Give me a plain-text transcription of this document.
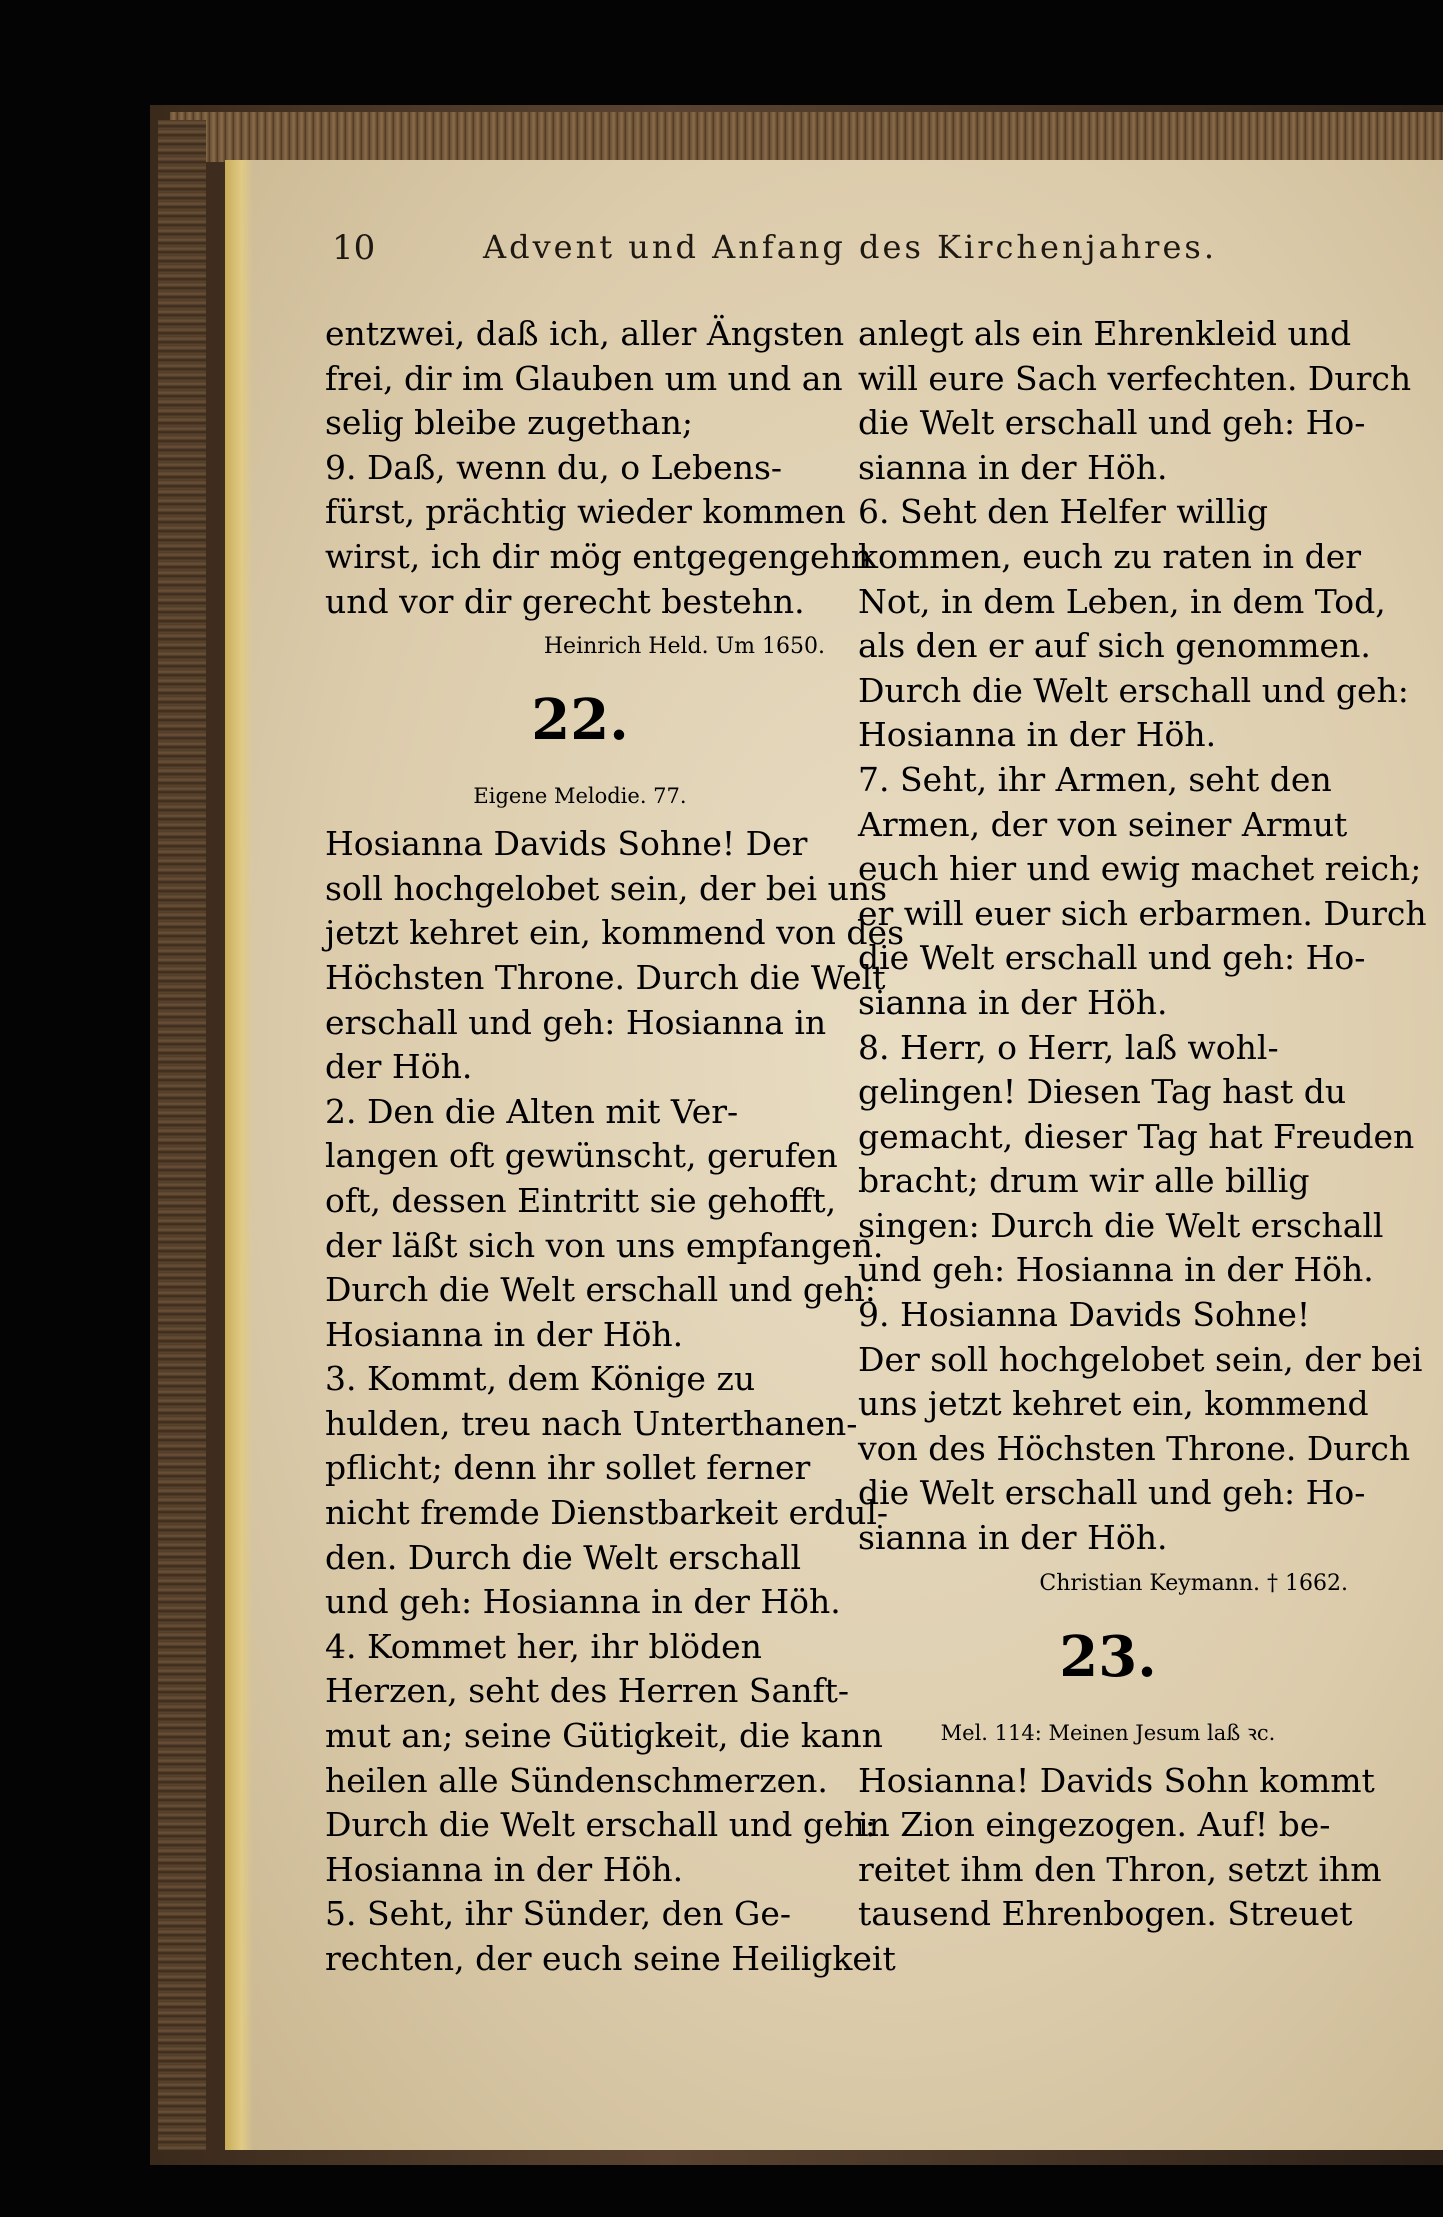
10	Advent und Anfang des Kirchenjahres.
entzwei, daß ich, aller Ängsten
frei, dir im Glauben um und an
selig bleibe zugethan;
9. Daß, wenn du, o Lebens-
fürst, prächtig wieder kommen
wirst, ich dir mög entgegengehn
und vor dir gerecht bestehn.
Heinrich Held. Um 1650.
22.
Eigene Melodie. 77.
Hosianna Davids Sohne! Der
soll hochgelobet sein, der bei uns
jetzt kehret ein, kommend von des
Höchsten Throne. Durch die Welt
erschall und geh: Hosianna in
der Höh.
2. Den die Alten mit Ver-
langen oft gewünscht, gerufen
oft, dessen Eintritt sie gehofft,
der läßt sich von uns empfangen.
Durch die Welt erschall und geh:
Hosianna in der Höh.
3. Kommt, dem Könige zu
hulden, treu nach Unterthanen-
pflicht; denn ihr sollet ferner
nicht fremde Dienstbarkeit erdul-
den. Durch die Welt erschall
und geh: Hosianna in der Höh.
4. Kommet her, ihr blöden
Herzen, seht des Herren Sanft-
mut an; seine Gütigkeit, die kann
heilen alle Sündenschmerzen.
Durch die Welt erschall und geh:
Hosianna in der Höh.
5. Seht, ihr Sünder, den Ge-
rechten, der euch seine Heiligkeit
anlegt als ein Ehrenkleid und
will eure Sach verfechten. Durch
die Welt erschall und geh: Ho-
sianna in der Höh.
6. Seht den Helfer willig
kommen, euch zu raten in der
Not, in dem Leben, in dem Tod,
als den er auf sich genommen.
Durch die Welt erschall und geh:
Hosianna in der Höh.
7. Seht, ihr Armen, seht den
Armen, der von seiner Armut
euch hier und ewig machet reich;
er will euer sich erbarmen. Durch
die Welt erschall und geh: Ho-
sianna in der Höh.
8. Herr, o Herr, laß wohl-
gelingen! Diesen Tag hast du
gemacht, dieser Tag hat Freuden
bracht; drum wir alle billig
singen: Durch die Welt erschall
und geh: Hosianna in der Höh.
9. Hosianna Davids Sohne!
Der soll hochgelobet sein, der bei
uns jetzt kehret ein, kommend
von des Höchsten Throne. Durch
die Welt erschall und geh: Ho-
sianna in der Höh.
Christian Keymann. † 1662.
23.
Mel. 114: Meinen Jesum laß ꝛc.
Hosianna! Davids Sohn kommt
in Zion eingezogen. Auf! be-
reitet ihm den Thron, setzt ihm
tausend Ehrenbogen. Streuet
